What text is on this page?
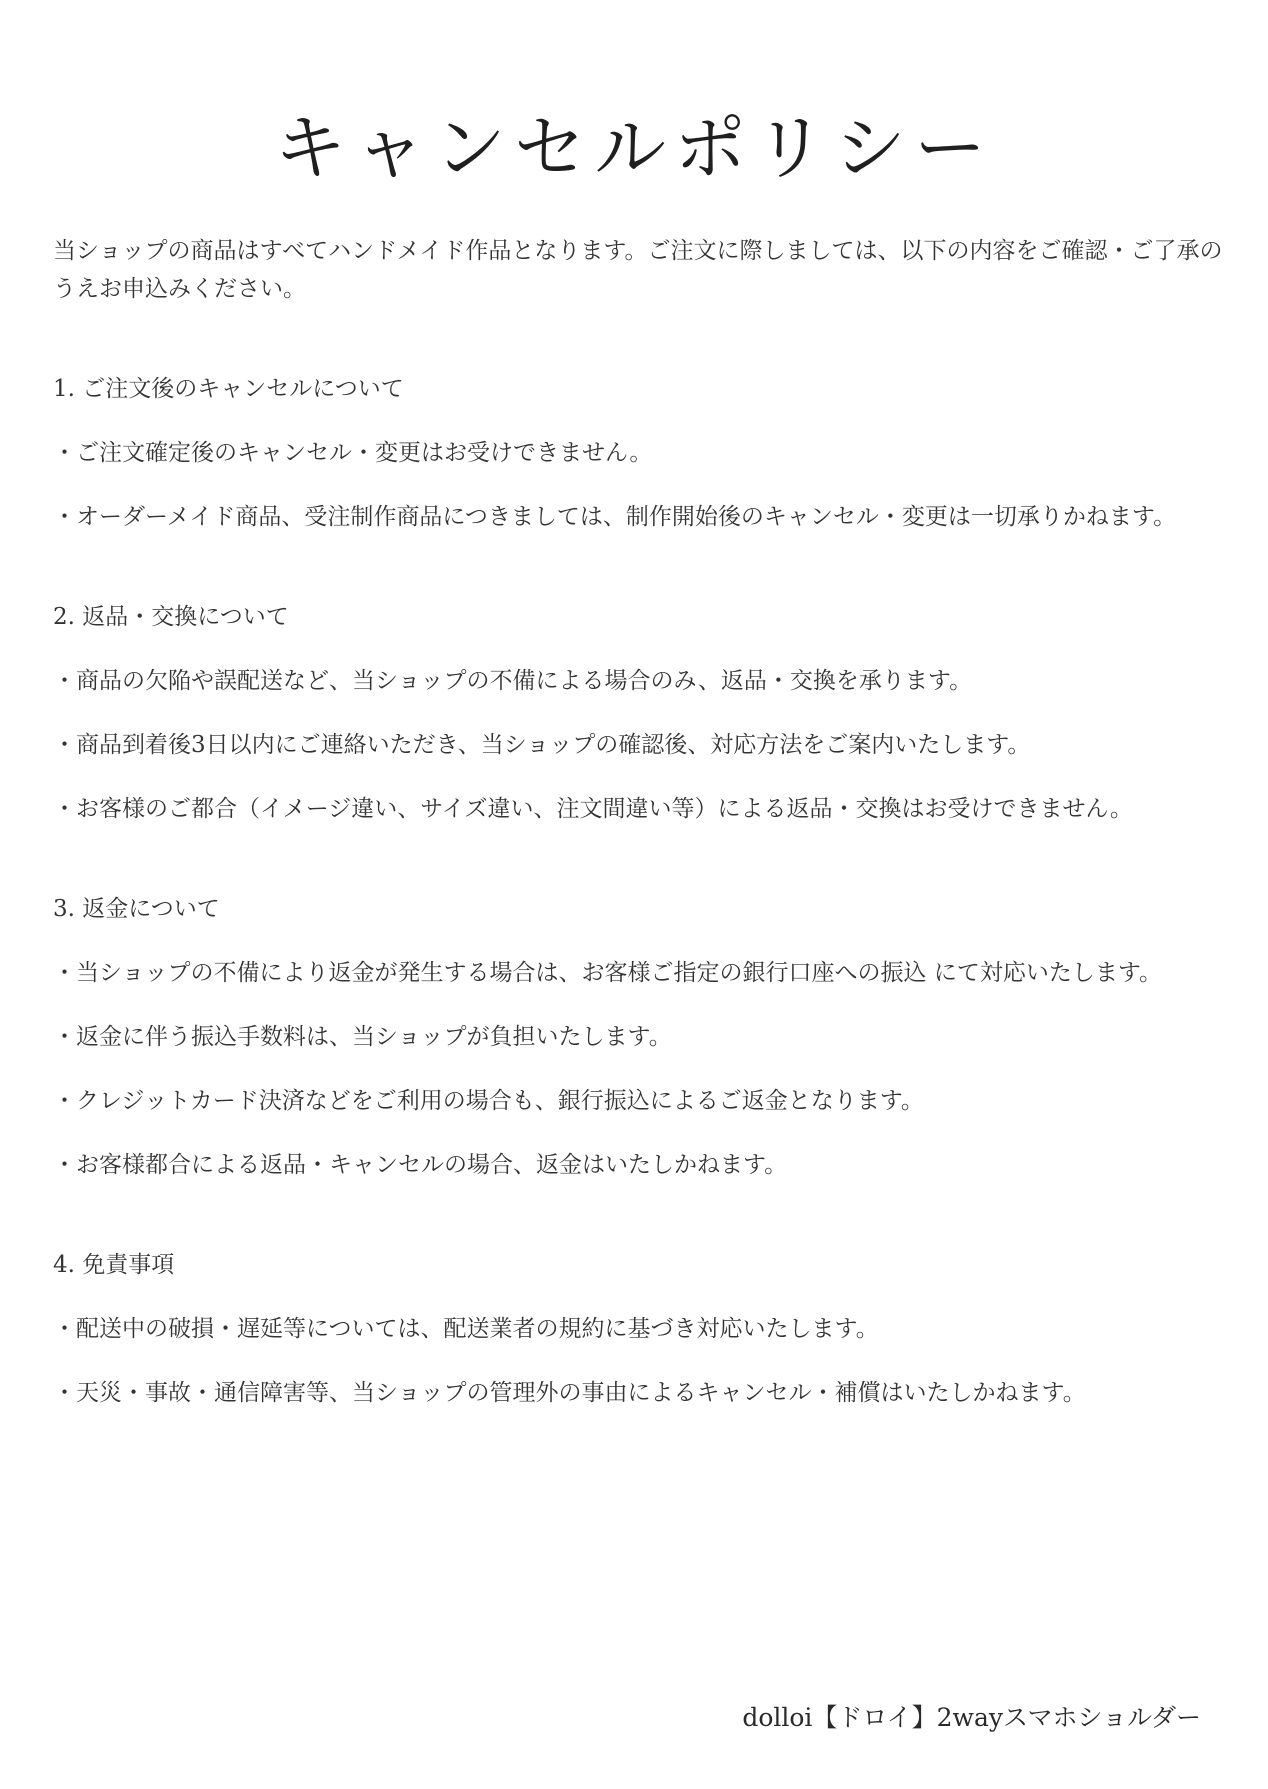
キャンセルポリシー

当ショップの商品はすべてハンドメイド作品となります。ご注文に際しましては、以下の内容をご確認・ご了承のうえお申込みください。

1. ご注文後のキャンセルについて

・ご注文確定後のキャンセル・変更はお受けできません。

・オーダーメイド商品、受注制作商品につきましては、制作開始後のキャンセル・変更は一切承りかねます。

2. 返品・交換について

・商品の欠陥や誤配送など、当ショップの不備による場合のみ、返品・交換を承ります。

・商品到着後3日以内にご連絡いただき、当ショップの確認後、対応方法をご案内いたします。

・お客様のご都合（イメージ違い、サイズ違い、注文間違い等）による返品・交換はお受けできません。

3. 返金について

・当ショップの不備により返金が発生する場合は、お客様ご指定の銀行口座への振込 にて対応いたします。

・返金に伴う振込手数料は、当ショップが負担いたします。

・クレジットカード決済などをご利用の場合も、銀行振込によるご返金となります。

・お客様都合による返品・キャンセルの場合、返金はいたしかねます。

4. 免責事項

・配送中の破損・遅延等については、配送業者の規約に基づき対応いたします。

・天災・事故・通信障害等、当ショップの管理外の事由によるキャンセル・補償はいたしかねます。

dolloi【ドロイ】2wayスマホショルダー
